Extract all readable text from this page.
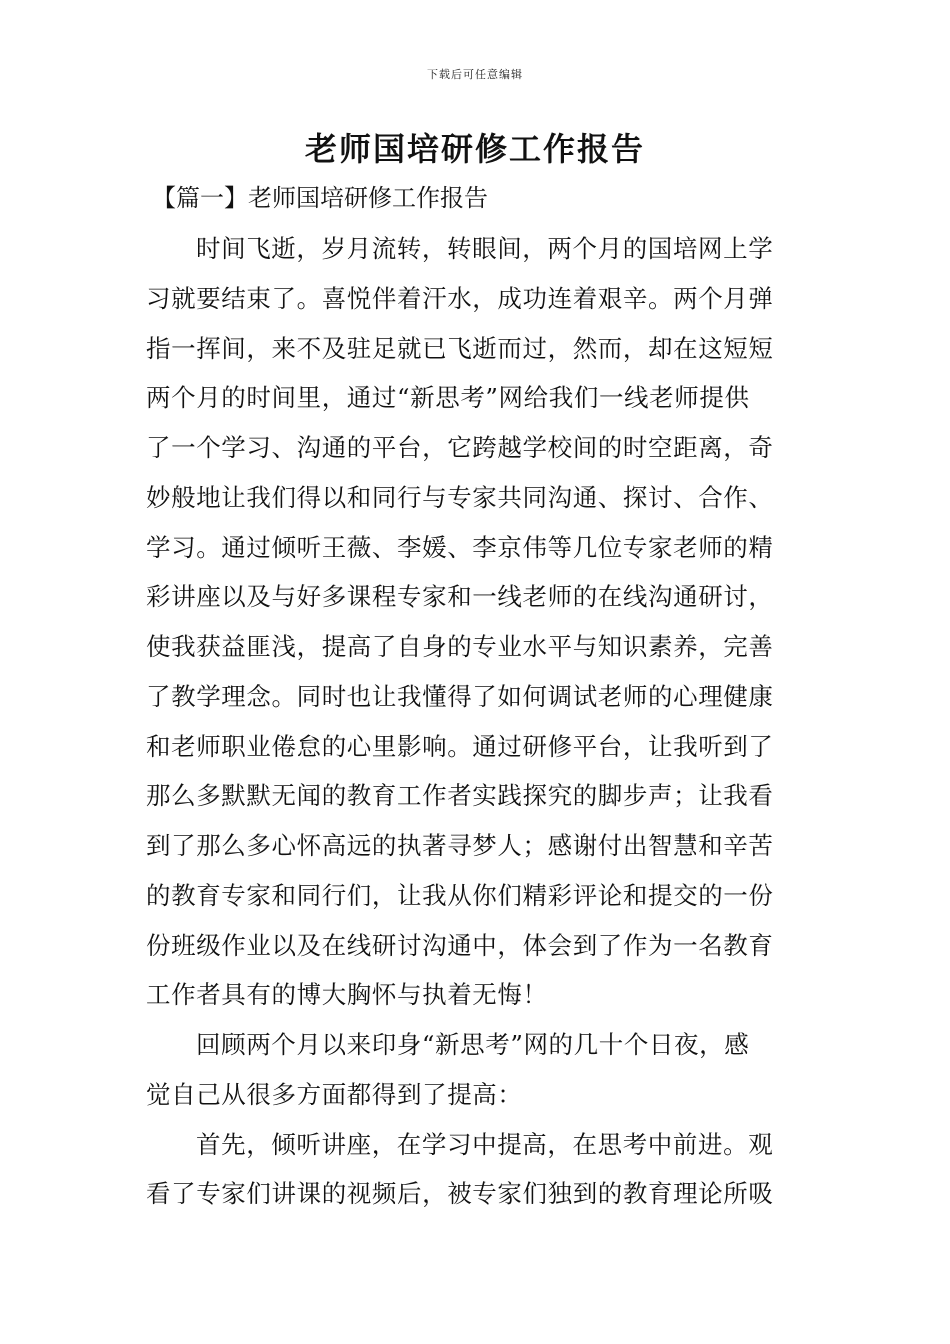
下载后可任意编辑
老师国培研修工作报告
【篇一】老师国培研修工作报告
时间飞逝，岁月流转，转眼间，两个月的国培网上学
习就要结束了。喜悦伴着汗水，成功连着艰辛。两个月弹
指一挥间，来不及驻足就已飞逝而过，然而，却在这短短
两个月的时间里，通过“新思考”网给我们一线老师提供
了一个学习、沟通的平台，它跨越学校间的时空距离，奇
妙般地让我们得以和同行与专家共同沟通、探讨、合作、
学习。通过倾听王薇、李媛、李京伟等几位专家老师的精
彩讲座以及与好多课程专家和一线老师的在线沟通研讨，
使我获益匪浅，提高了自身的专业水平与知识素养，完善
了教学理念。同时也让我懂得了如何调试老师的心理健康
和老师职业倦怠的心里影响。通过研修平台，让我听到了
那么多默默无闻的教育工作者实践探究的脚步声；让我看
到了那么多心怀高远的执著寻梦人；感谢付出智慧和辛苦
的教育专家和同行们，让我从你们精彩评论和提交的一份
份班级作业以及在线研讨沟通中，体会到了作为一名教育
工作者具有的博大胸怀与执着无悔！
回顾两个月以来印身“新思考”网的几十个日夜，感
觉自己从很多方面都得到了提高：
首先，倾听讲座，在学习中提高，在思考中前进。观
看了专家们讲课的视频后，被专家们独到的教育理论所吸
